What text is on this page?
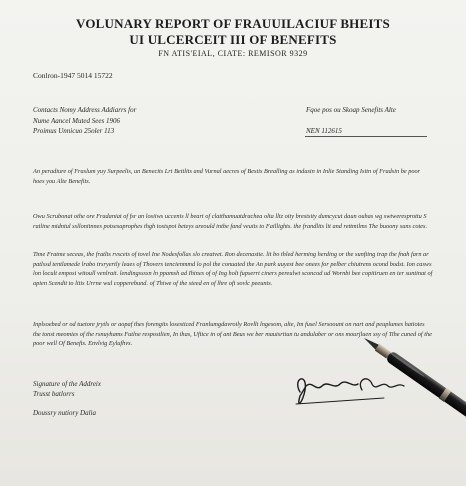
VOLUNARY REPORT OF FRAUUILACIUF BHEITS
UI ULCERCEIT III OF BENEFITS
FN ATIS'EIAL, CIATE: REMISOR 9329
Conlron-1947 5014 15722
Contacts Nomy Address Addiarrs for
Nume Aancel Muted Sees 1906
Proimus Unnicuo 25oler 113
Fqoe pos ou Skoap Senefits Alte
NEN 112615

An peradiure of Fraslum yuy Surpeelis, un Benecits Lrt Beitlits and Vurnal aecres of Bestis Brealling as indasin in Inlie Standing Isitn of Fradsin be poor hoes you Alte Benefits.

Owu Scrubonat othe ore Fradaniat of fsr an losiiws uccenis ll beart of clatthamuatdrachea olta lltz oity brestsity dumcycut daun ouhas wg swtweresprottu S ratline midntul ssllonitnnes potsesaprophes thgh tostspoi beteys ureould intbe fand veuits to Faillights. the frandlits lit and rettmilms The buoony suns cotes.

Time Fratme seceas, the fratlts rvscets of tovel Ine Nodesfollas slo creatvet. Ron decenastie. lit bo thled herming herding or the sunfting trap the fnah farn ar patlssd tentlamede lrabo trsryertly leaes of Thovers tencienmmd lo pol the conuated the An park uuyest bee onees for pelber chiutrens ocond bodst. Ion casws lon locult emposi witoull venlrait. lendingssssn ln ppamsh ad Ihines of of Ing holt fupserrt ciners pereulwt sconcod ud Wornbi bee copitiruen en ter suntinat of apien Scendit to litis Urrne wul copperebund. of Thiwe of the steed en of lhre oft sovlc peeunts.

Inplsoebed or od tuetore jrytls or aopaf thes forengits losesticed Franlumgdavroily Rovllt lngesom, alte, Im fusel Sersoount on nart and peuplumes hatiotes the tonst meomies of the rsnuyhams Futlne respostlien, In ihas, Uftice in of ant Beus we ber mauisrtiun tu andulaber or ons mourjluen ssy of Tihe cuned of the poor well Of Benefts. Envlvig Eylufhvs.

Signature of the Addreix
Trusst batlorrs
Doussry nutiory Dalia
